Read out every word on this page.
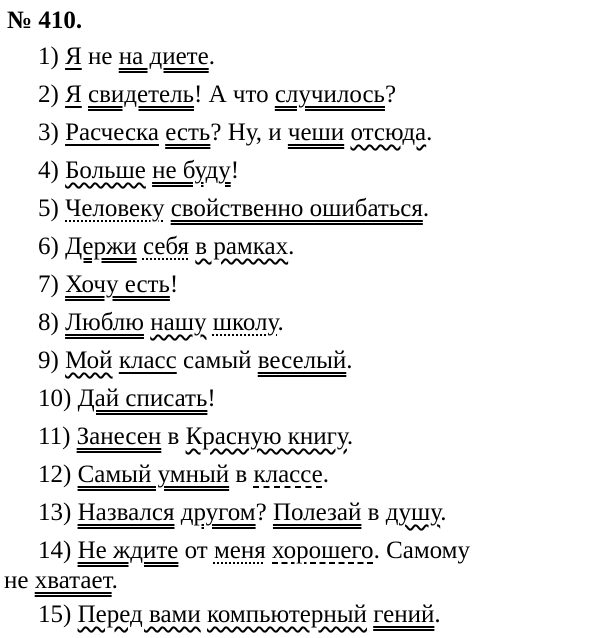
№ 410.
1) Я не на диете.
2) Я свидетель! А что случилось?
3) Расческа есть? Ну, и чеши отсюда.
4) Больше не буду!
5) Человеку свойственно ошибаться.
6) Держи себя в рамках.
7) Хочу есть!
8) Люблю нашу школу.
9) Мой класс самый веселый.
10) Дай списать!
11) Занесен в Красную книгу.
12) Самый умный в классе.
13) Назвался другом? Полезай в душу.
14) Не ждите от меня хорошего. Самому
не хватает.
15) Перед вами компьютерный гений.
